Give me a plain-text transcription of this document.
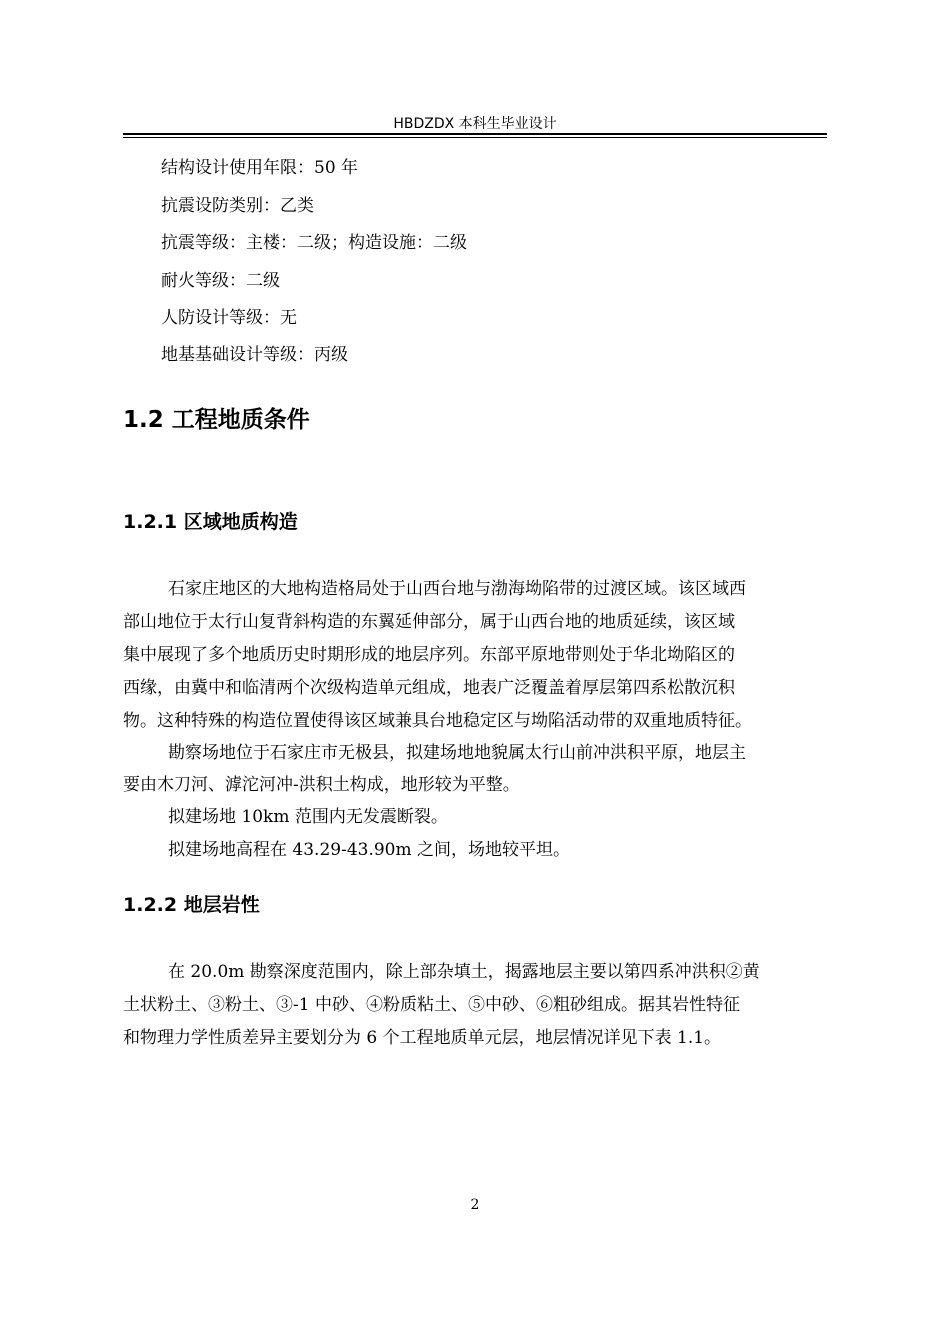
HBDZDX 本科生毕业设计
结构设计使用年限：50 年
抗震设防类别：乙类
抗震等级：主楼：二级；构造设施：二级
耐火等级：二级
人防设计等级：无
地基基础设计等级：丙级
1.2 工程地质条件
1.2.1 区域地质构造
石家庄地区的大地构造格局处于山西台地与渤海坳陷带的过渡区域。该区域西
部山地位于太行山复背斜构造的东翼延伸部分，属于山西台地的地质延续，该区域
集中展现了多个地质历史时期形成的地层序列。东部平原地带则处于华北坳陷区的
西缘，由冀中和临清两个次级构造单元组成，地表广泛覆盖着厚层第四系松散沉积
物。这种特殊的构造位置使得该区域兼具台地稳定区与坳陷活动带的双重地质特征。
勘察场地位于石家庄市无极县，拟建场地地貌属太行山前冲洪积平原，地层主
要由木刀河、滹沱河冲-洪积土构成，地形较为平整。
拟建场地 10km 范围内无发震断裂。
拟建场地高程在 43.29-43.90m 之间，场地较平坦。
1.2.2 地层岩性
在 20.0m 勘察深度范围内，除上部杂填土，揭露地层主要以第四系冲洪积②黄
土状粉土、③粉土、③-1 中砂、④粉质粘土、⑤中砂、⑥粗砂组成。据其岩性特征
和物理力学性质差异主要划分为 6 个工程地质单元层，地层情况详见下表 1.1。
2
